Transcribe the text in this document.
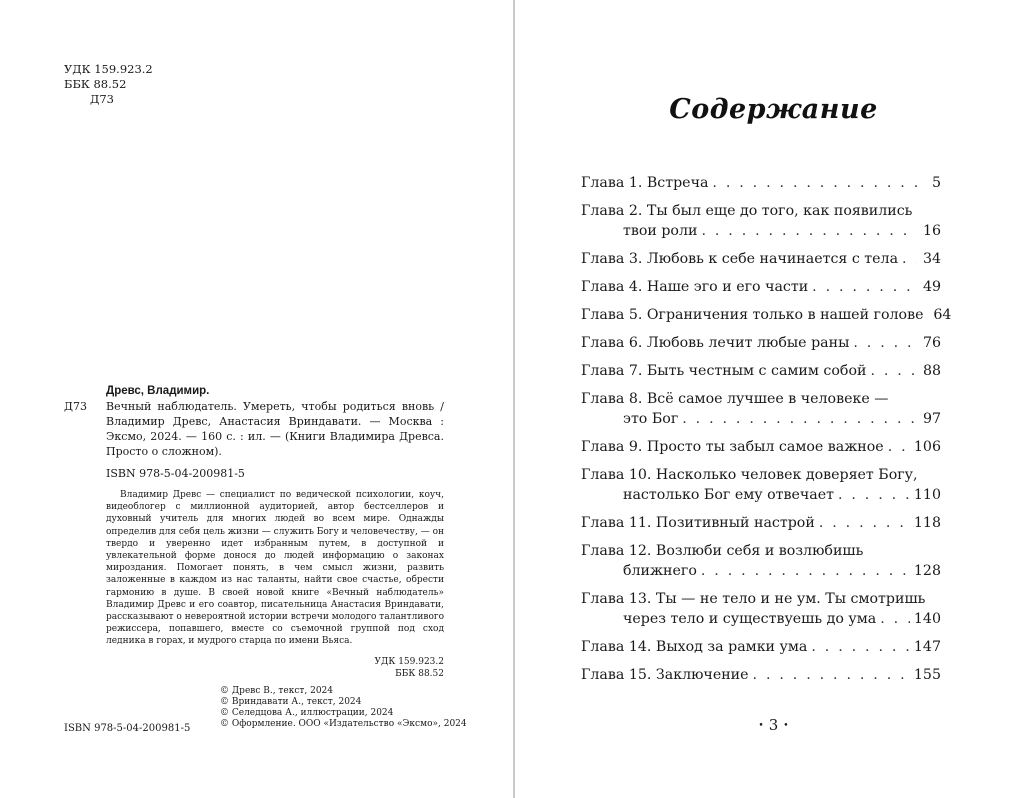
УДК 159.923.2
ББК 88.52
Д73
Древс, Владимир.
Д73	Вечный наблюдатель. Умереть, чтобы родиться вновь / Владимир Древс, Анастасия Вриндавати. — Москва : Эксмо, 2024. — 160 с. : ил. — (Книги Владимира Древса. Просто о сложном).
ISBN 978-5-04-200981-5
Владимир Древс — специалист по ведической психологии, коуч, видеоблогер с миллионной аудиторией, автор бестселлеров и духовный учитель для многих людей во всем мире. Однажды определив для себя цель жизни — служить Богу и человечеству, — он твердо и уверенно идет избранным путем, в доступной и увлекательной форме донося до людей информацию о законах мироздания. Помогает понять, в чем смысл жизни, развить заложенные в каждом из нас таланты, найти свое счастье, обрести гармонию в душе. В своей новой книге «Вечный наблюдатель» Владимир Древс и его соавтор, писательница Анастасия Вриндавати, рассказывают о невероятной истории встречи молодого талантливого режиссера, попавшего, вместе со съемочной группой под сход ледника в горах, и мудрого старца по имени Вьяса.
УДК 159.923.2
ББК 88.52
ISBN 978-5-04-200981-5
© Древс В., текст, 2024
© Вриндавати А., текст, 2024
© Селедцова А., иллюстрации, 2024
© Оформление. ООО «Издательство «Эксмо», 2024
Содержание
Глава 1.
Встреча . . .	5
Глава 2.
Ты был еще до того, как появились
твои роли . . .	16
Глава 3.
Любовь к себе начинается с тела . . . 34
Глава 4.
Наше эго и его части . . .	49
Глава 5.
Ограничения только в нашей голове 64
Глава 6.
Любовь лечит любые раны . . .	76
Глава 7.
Быть честным с самим собой . . .	88
Глава 8.
Всё самое лучшее в человеке —
это Бог . . .	97
Глава 9.
Просто ты забыл самое важное . . . 106
Глава 10.
Насколько человек доверяет Богу,
настолько Бог ему отвечает . . .	110
Глава 11.
Позитивный настрой . . .	118
Глава 12.
Возлюби себя и возлюбишь
ближнего . . .	128
Глава 13.
Ты — не тело и не ум. Ты смотришь
через тело и существуешь до ума . . .	140
Глава 14.
Выход за рамки ума . . .	147
Глава 15.
Заключение . . .	155
• 3 •
